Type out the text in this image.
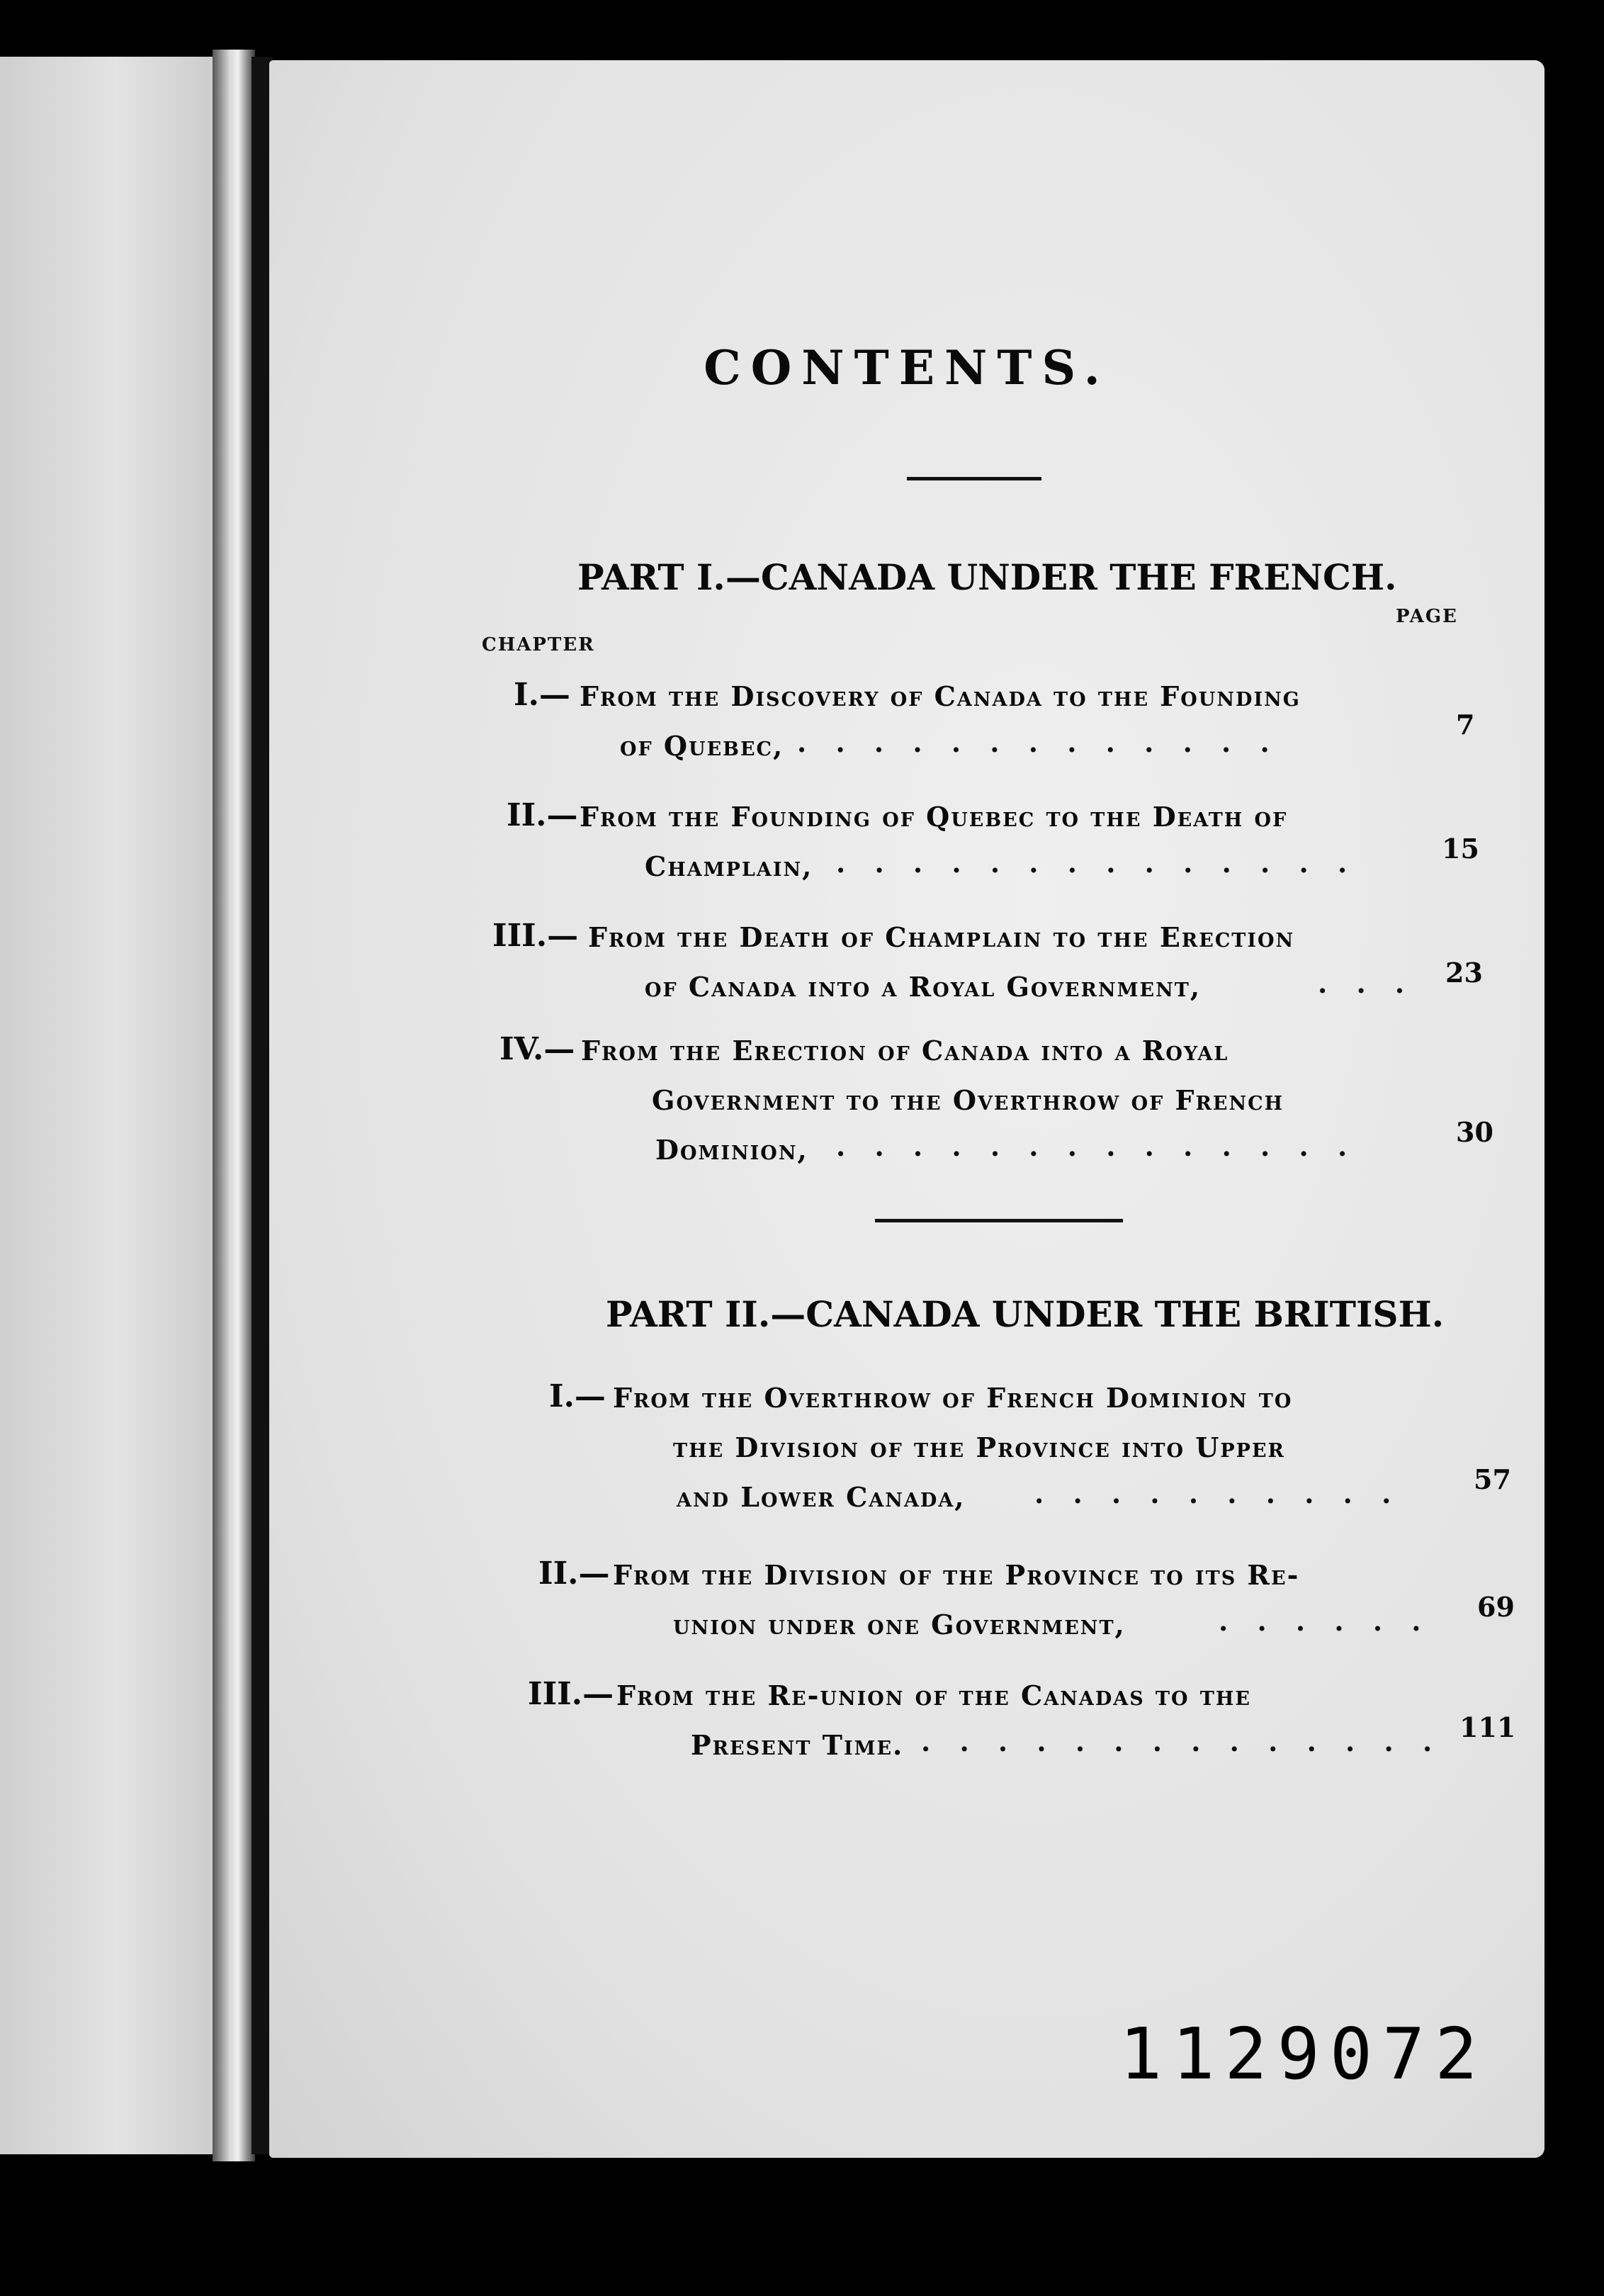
CONTENTS.
PART I.—CANADA UNDER THE FRENCH.
PAGE
CHAPTER
I.— From the Discovery of Canada to the Founding
of Quebec, . . . . . . . . . . . . .
7
II.— From the Founding of Quebec to the Death of
Champlain, . . . . . . . . . . . . . .	15
III.— From the Death of Champlain to the Erection
of Canada into a Royal Government,	. . . 23
IV.— From the Erection of Canada into a Royal
Government to the Overthrow of French
Dominion, . . . . . . . . . . . . . .	30
PART II.—CANADA UNDER THE BRITISH.
I.— From the Overthrow of French Dominion to
the Division of the Province into Upper
and Lower Canada,	. . . . . . . . . .	57
II.— From the Division of the Province to its Re-
union under one Government,	. . . . . . 69
III.— From the Re-union of the Canadas to the
Present Time. . . . . . . . . . . . . . . 111
1129072
